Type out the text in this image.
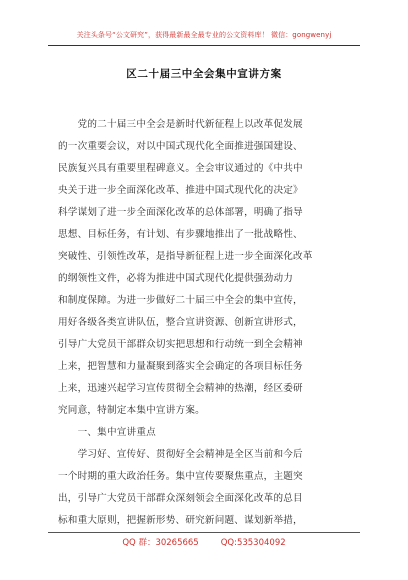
关注头条号“公文研究”，获得最新最全最专业的公文资料库！ 微信：gongwenyj
区二十届三中全会集中宣讲方案
　　党的二十届三中全会是新时代新征程上以改革促发展
的一次重要会议，对以中国式现代化全面推进强国建设、
民族复兴具有重要里程碑意义。全会审议通过的《中共中
央关于进一步全面深化改革、推进中国式现代化的决定》
科学谋划了进一步全面深化改革的总体部署，明确了指导
思想、目标任务，有计划、有步骤地推出了一批战略性、
突破性、引领性改革，是指导新征程上进一步全面深化改革
的纲领性文件，必将为推进中国式现代化提供强劲动力
和制度保障。为进一步做好二十届三中全会的集中宣传，
用好各级各类宣讲队伍，整合宣讲资源、创新宣讲形式，
引导广大党员干部群众切实把思想和行动统一到全会精神
上来，把智慧和力量凝聚到落实全会确定的各项目标任务
上来，迅速兴起学习宣传贯彻全会精神的热潮，经区委研
究同意，特制定本集中宣讲方案。
　　一、集中宣讲重点
　　学习好、宣传好、贯彻好全会精神是全区当前和今后
一个时期的重大政治任务。集中宣传要聚焦重点，主题突
出，引导广大党员干部群众深刻领会全面深化改革的总目
标和重大原则，把握新形势、研究新问题、谋划新举措，
QQ 群：30265665	QQ:535304092
